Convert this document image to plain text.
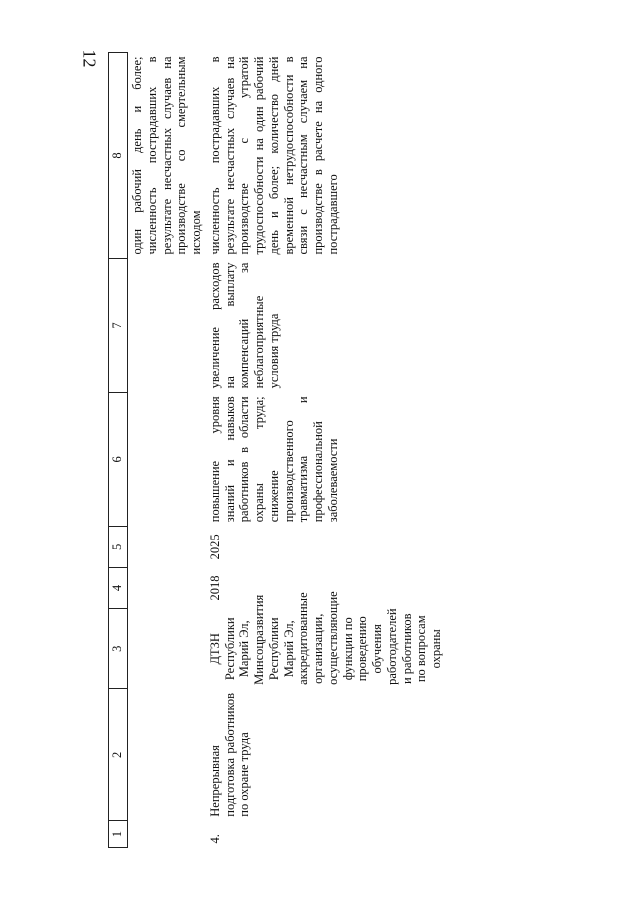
12
1	2	3	4	5	6	7	8
							один рабочий день и более; численность пострадавших в результате несчастных случаев на производстве со смертельным исходом
4.	Непрерывная подготовка работников по охране труда	ДТЗН Республики Марий Эл, Минсоцразвития Республики Марий Эл, аккредитованные организации, осуществляющие функции по проведению обучения работодателей и работников по вопросам охраны	2018	2025	повышение уровня знаний и навыков работников в области охраны труда; снижение производственного травматизма и профессиональной заболеваемости	увеличение расходов на выплату компенсаций за неблагоприятные условия труда	численность пострадавших в результате несчастных случаев на производстве с утратой трудоспособности на один рабочий день и более; количество дней временной нетрудоспособности в связи с несчастным случаем на производстве в расчете на одного пострадавшего
